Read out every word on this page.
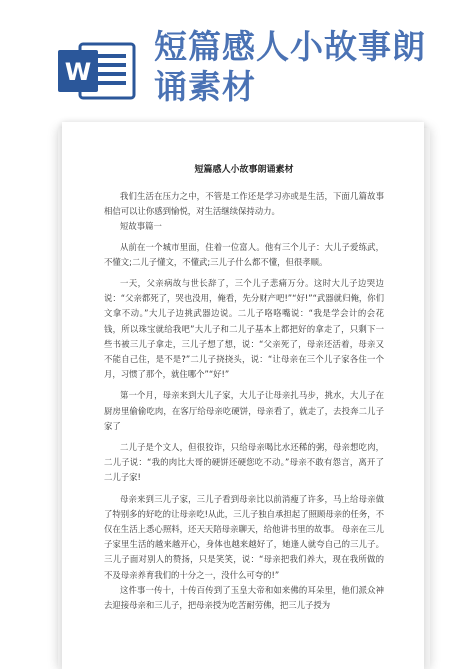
W
短篇感人小故事朗诵素材
短篇感人小故事朗诵素材

我们生活在压力之中，不管是工作还是学习亦或是生活，下面几篇故事相信可以让你感到愉悦，对生活继续保持动力。

短故事篇一

从前在一个城市里面，住着一位富人。他有三个儿子：大儿子爱练武，不懂文;二儿子懂文，不懂武;三儿子什么都不懂，但很孝顺。

一天，父亲病故与世长辞了，三个儿子悲痛万分。这时大儿子边哭边说：“父亲都死了，哭也没用，俺看，先分财产吧!”“好!”“武器就归俺，你们文拿不动。”大儿子边挑武器边说。二儿子咯咯嘴说：“我是学会计的会花钱，所以珠宝就给我吧”大儿子和二儿子基本上都把好的拿走了，只剩下一些书被三儿子拿走，三儿子想了想，说：“父亲死了，母亲还活着，母亲又不能自己住，是不是?”二儿子挠挠头，说：“让母亲在三个儿子家各住一个月，习惯了那个，就住哪个”“好!”

第一个月，母亲来到大儿子家，大儿子让母亲扎马步，挑水，大儿子在厨房里偷偷吃肉，在客厅给母亲吃硬饼，母亲看了，就走了，去投奔二儿子家了

二儿子是个文人，但很狡诈，只给母亲喝比水还稀的粥，母亲想吃肉，二儿子说：“我的肉比大哥的硬饼还硬您吃不动。”母亲不敢有怨言，离开了二儿子家!

母亲来到三儿子家，三儿子看到母亲比以前消瘦了许多，马上给母亲做了特别多的好吃的让母亲吃!从此，三儿子独自承担起了照顾母亲的任务，不仅在生活上悉心照料，还天天陪母亲聊天，给他讲书里的故事。 母亲在三儿子家里生活的越来越开心，身体也越来越好了，她逢人就夸自己的三儿子。三儿子面对别人的赞扬，只是笑笑，说：“母亲把我们养大，现在我所做的不及母亲养育我们的十分之一，没什么可夸的!”

这件事一传十，十传百传到了玉皇大帝和如来佛的耳朵里，他们派众神去迎接母亲和三儿子，把母亲授为吃苦耐劳佛，把三儿子授为
